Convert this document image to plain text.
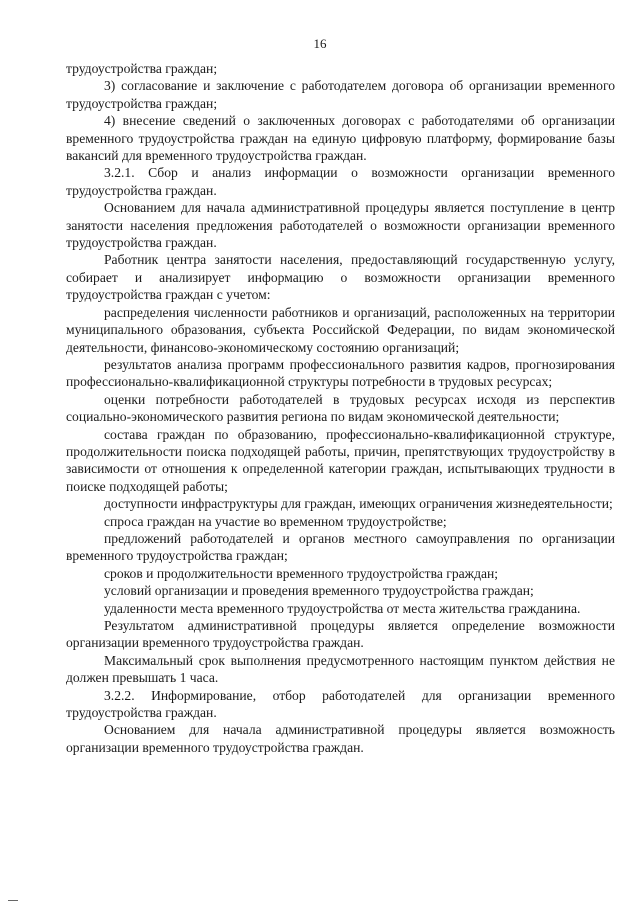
16

трудоустройства граждан;

3) согласование и заключение с работодателем договора об организации временного трудоустройства граждан;

4) внесение сведений о заключенных договорах с работодателями об организации временного трудоустройства граждан на единую цифровую платформу, формирование базы вакансий для временного трудоустройства граждан.

3.2.1. Сбор и анализ информации о возможности организации временного трудоустройства граждан.

Основанием для начала административной процедуры является поступление в центр занятости населения предложения работодателей о возможности организации временного трудоустройства граждан.

Работник центра занятости населения, предоставляющий государственную услугу, собирает и анализирует информацию о возможности организации временного трудоустройства граждан с учетом:

распределения численности работников и организаций, расположенных на территории муниципального образования, субъекта Российской Федерации, по видам экономической деятельности, финансово-экономическому состоянию организаций;

результатов анализа программ профессионального развития кадров, прогнозирования профессионально-квалификационной структуры потребности в трудовых ресурсах;

оценки потребности работодателей в трудовых ресурсах исходя из перспектив социально-экономического развития региона по видам экономической деятельности;

состава граждан по образованию, профессионально-квалификационной структуре, продолжительности поиска подходящей работы, причин, препятствующих трудоустройству в зависимости от отношения к определенной категории граждан, испытывающих трудности в поиске подходящей работы;

доступности инфраструктуры для граждан, имеющих ограничения жизнедеятельности;

спроса граждан на участие во временном трудоустройстве;

предложений работодателей и органов местного самоуправления по организации временного трудоустройства граждан;

сроков и продолжительности временного трудоустройства граждан;

условий организации и проведения временного трудоустройства граждан;

удаленности места временного трудоустройства от места жительства гражданина.

Результатом административной процедуры является определение возможности организации временного трудоустройства граждан.

Максимальный срок выполнения предусмотренного настоящим пунктом действия не должен превышать 1 часа.

3.2.2. Информирование, отбор работодателей для организации временного трудоустройства граждан.

Основанием для начала административной процедуры является возможность организации временного трудоустройства граждан.
